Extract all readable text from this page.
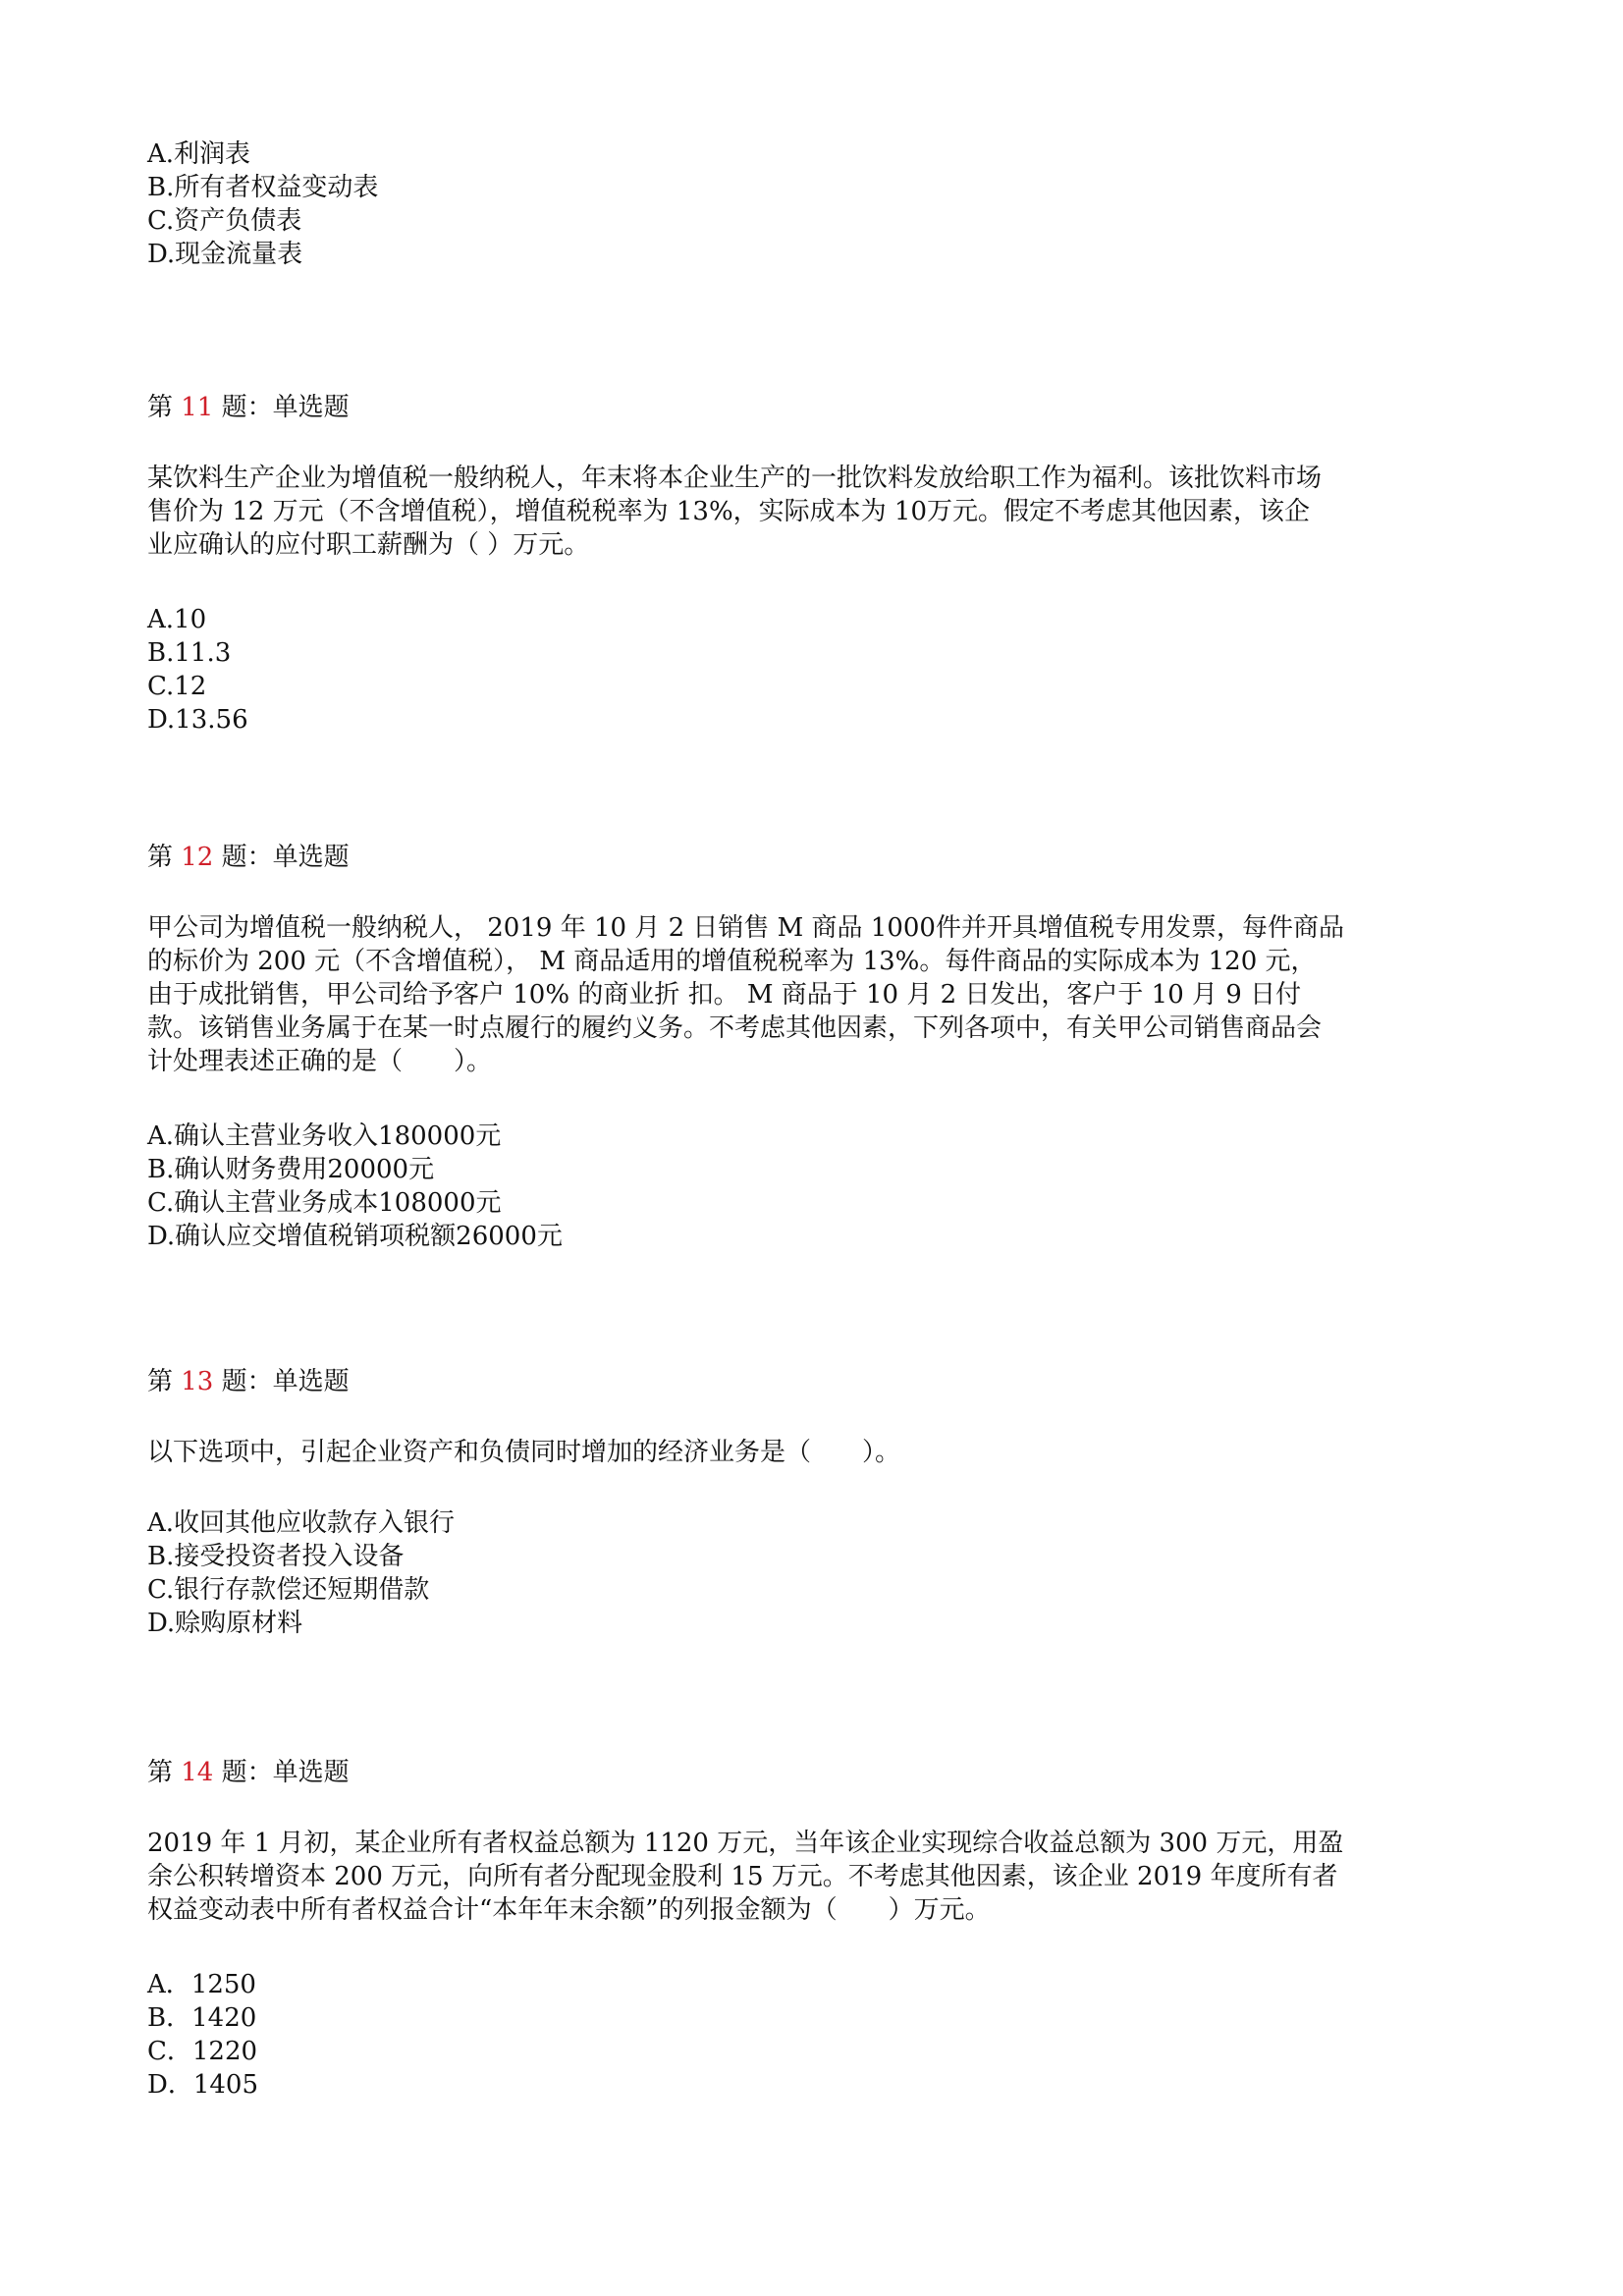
A.利润表
B.所有者权益变动表
C.资产负债表
D.现金流量表
第 11 题：单选题
某饮料生产企业为增值税一般纳税人，年末将本企业生产的一批饮料发放给职工作为福利。该批饮料市场
售价为 12 万元（不含增值税），增值税税率为 13%，实际成本为 10万元。假定不考虑其他因素，该企
业应确认的应付职工薪酬为（ ）万元。
A.10
B.11.3
C.12
D.13.56
第 12 题：单选题
甲公司为增值税一般纳税人， 2019 年 10 月 2 日销售 M 商品 1000件并开具增值税专用发票，每件商品
的标价为 200 元（不含增值税）， M 商品适用的增值税税率为 13%。每件商品的实际成本为 120 元，
由于成批销售，甲公司给予客户 10% 的商业折 扣。 M 商品于 10 月 2 日发出，客户于 10 月 9 日付
款。该销售业务属于在某一时点履行的履约义务。不考虑其他因素，下列各项中，有关甲公司销售商品会
计处理表述正确的是（　　）。
A.确认主营业务收入180000元
B.确认财务费用20000元
C.确认主营业务成本108000元
D.确认应交增值税销项税额26000元
第 13 题：单选题
以下选项中，引起企业资产和负债同时增加的经济业务是（　　）。
A.收回其他应收款存入银行
B.接受投资者投入设备
C.银行存款偿还短期借款
D.赊购原材料
第 14 题：单选题
2019 年 1 月初，某企业所有者权益总额为 1120 万元，当年该企业实现综合收益总额为 300 万元，用盈
余公积转增资本 200 万元，向所有者分配现金股利 15 万元。不考虑其他因素，该企业 2019 年度所有者
权益变动表中所有者权益合计“本年年末余额”的列报金额为（　　）万元。
A．1250
B．1420
C．1220
D．1405
